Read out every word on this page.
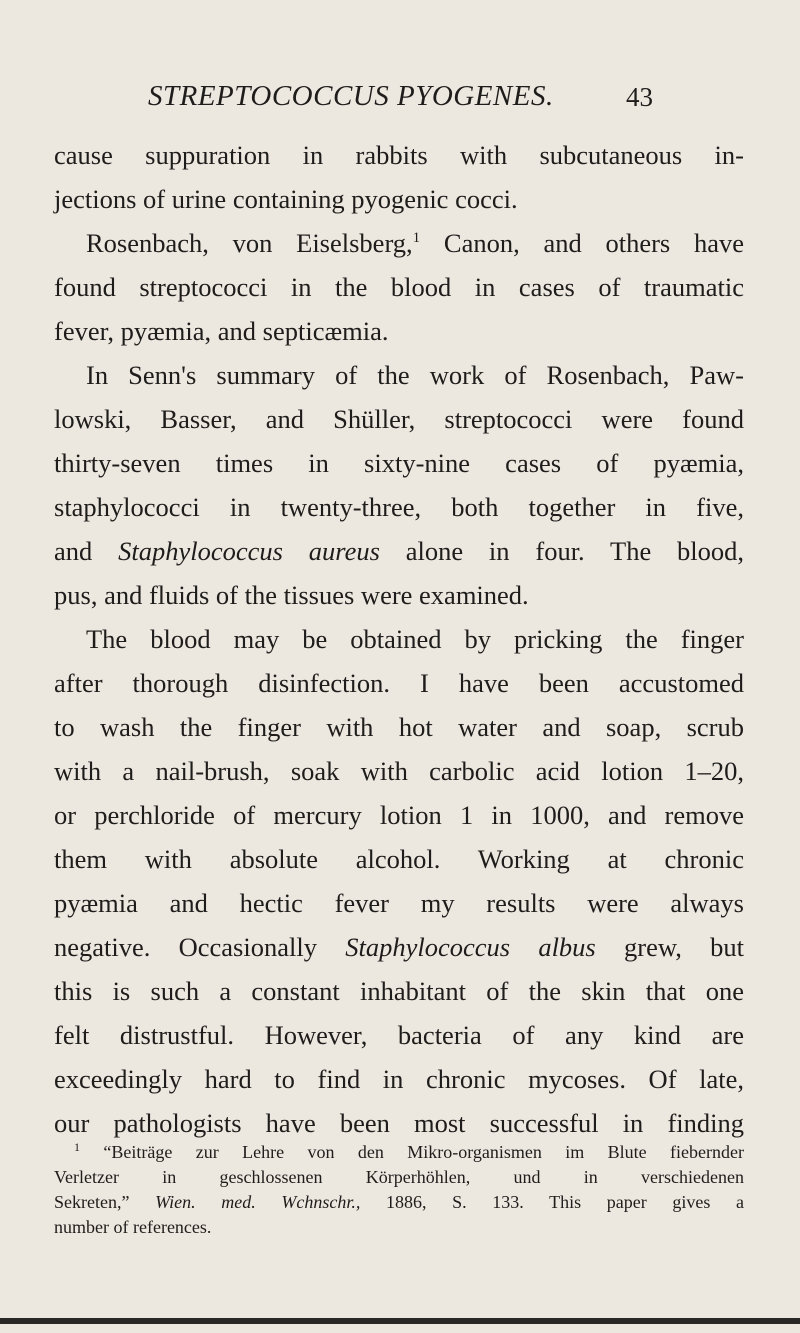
STREPTOCOCCUS PYOGENES.	43
cause suppuration in rabbits with subcutaneous in-
jections of urine containing pyogenic cocci.
Rosenbach, von Eiselsberg,$^1$ Canon, and others have
found streptococci in the blood in cases of traumatic
fever, pyæmia, and septicæmia.
In Senn's summary of the work of Rosenbach, Paw-
lowski, Basser, and Shüller, streptococci were found
thirty-seven times in sixty-nine cases of pyæmia,
staphylococci in twenty-three, both together in five,
and Staphylococcus aureus alone in four. The blood,
pus, and fluids of the tissues were examined.
The blood may be obtained by pricking the finger
after thorough disinfection. I have been accustomed
to wash the finger with hot water and soap, scrub
with a nail-brush, soak with carbolic acid lotion 1–20,
or perchloride of mercury lotion 1 in 1000, and remove
them with absolute alcohol. Working at chronic
pyæmia and hectic fever my results were always
negative. Occasionally Staphylococcus albus grew, but
this is such a constant inhabitant of the skin that one
felt distrustful. However, bacteria of any kind are
exceedingly hard to find in chronic mycoses. Of late,
our pathologists have been most successful in finding
$^1$ “Beiträge zur Lehre von den Mikro-organismen im Blute fiebernder
Verletzer in geschlossenen Körperhöhlen, und in verschiedenen
Sekreten,” Wien. med. Wchnschr., 1886, S. 133. This paper gives a
number of references.
